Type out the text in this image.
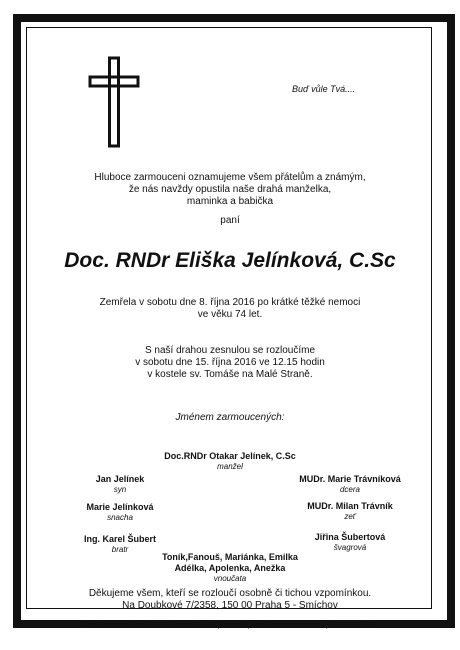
Buď vůle Tvá....
Hluboce zarmouceni oznamujeme všem přátelům a známým,
že nás navždy opustila naše drahá manželka,
maminka a babička
paní
Doc. RNDr Eliška Jelínková, C.Sc
Zemřela v sobotu dne 8. října 2016 po krátké těžké nemoci
ve věku 74 let.
S naší drahou zesnulou se rozloučíme
v sobotu dne 15. října 2016 ve 12.15 hodin
v kostele sv. Tomáše na Malé Straně.
Jménem zarmoucených:
Doc.RNDr Otakar Jelínek, C.Sc
manžel
Jan Jelínek
syn
MUDr. Marie Trávníková
dcera
Marie Jelínková
snacha
MUDr. Milan Trávník
zeť
Ing. Karel Šubert
bratr
Jiřina Šubertová
švagrová
Toník,Fanouš, Mariánka, Emilka
Adélka, Apolenka, Anežka
vnoučata
Děkujeme všem, kteří se rozloučí osobně či tichou vzpomínkou.
Na Doubkové 7/2358, 150 00 Praha 5 - Smíchov
Pohřební služba ELPIS Na bělidle 27, Praha5, www.krematorium.cz, 602 200 700
